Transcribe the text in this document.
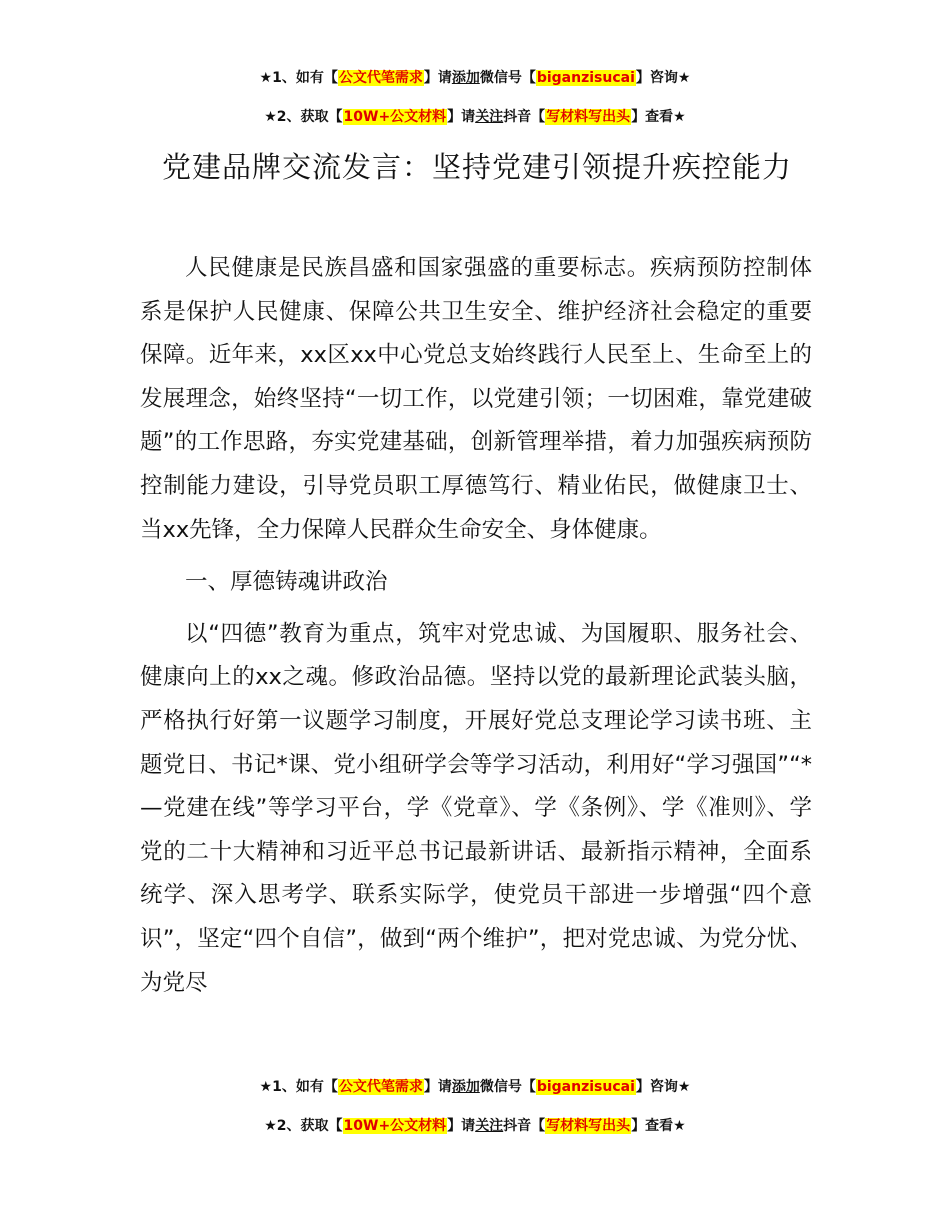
★1、如有【公文代笔需求】请添加微信号【biganzisucai】咨询★
★2、获取【10W+公文材料】请关注抖音【写材料写出头】查看★
党建品牌交流发言：坚持党建引领提升疾控能力

人民健康是民族昌盛和国家强盛的重要标志。疾病预防控制体系是保护人民健康、保障公共卫生安全、维护经济社会稳定的重要保障。近年来，xx区xx中心党总支始终践行人民至上、生命至上的发展理念，始终坚持“一切工作，以党建引领；一切困难，靠党建破题”的工作思路，夯实党建基础，创新管理举措，着力加强疾病预防控制能力建设，引导党员职工厚德笃行、精业佑民，做健康卫士、当xx先锋，全力保障人民群众生命安全、身体健康。

一、厚德铸魂讲政治

以“四德”教育为重点，筑牢对党忠诚、为国履职、服务社会、健康向上的xx之魂。修政治品德。坚持以党的最新理论武装头脑，严格执行好第一议题学习制度，开展好党总支理论学习读书班、主题党日、书记*课、党小组研学会等学习活动，利用好“学习强国”“*—党建在线”等学习平台，学《党章》、学《条例》、学《准则》、学党的二十大精神和习近平总书记最新讲话、最新指示精神，全面系统学、深入思考学、联系实际学，使党员干部进一步增强“四个意识”，坚定“四个自信”，做到“两个维护”，把对党忠诚、为党分忧、为党尽

★1、如有【公文代笔需求】请添加微信号【biganzisucai】咨询★
★2、获取【10W+公文材料】请关注抖音【写材料写出头】查看★
